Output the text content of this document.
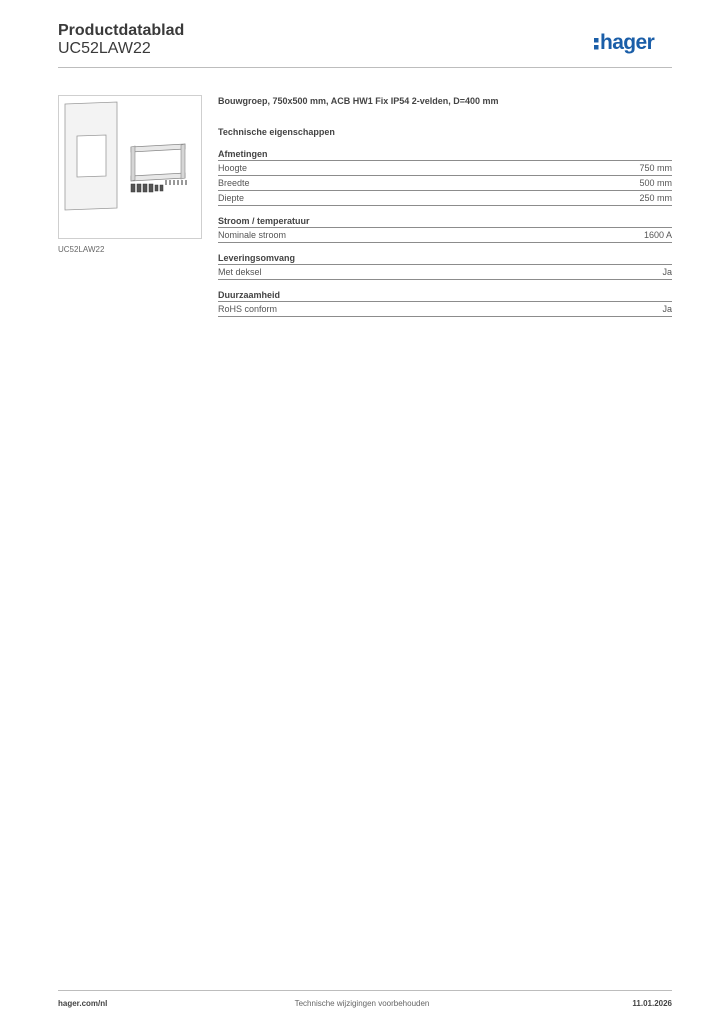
Productdatablad
UC52LAW22	hager
UC52LAW22
Bouwgroep, 750x500 mm, ACB HW1 Fix IP54 2-velden, D=400 mm
Technische eigenschappen
Afmetingen
Hoogte	750 mm
Breedte	500 mm
Diepte	250 mm
Stroom / temperatuur
Nominale stroom	1600 A
Leveringsomvang
Met deksel	Ja
Duurzaamheid
RoHS conform	Ja
hager.com/nl	Technische wijzigingen voorbehouden	11.01.2026
